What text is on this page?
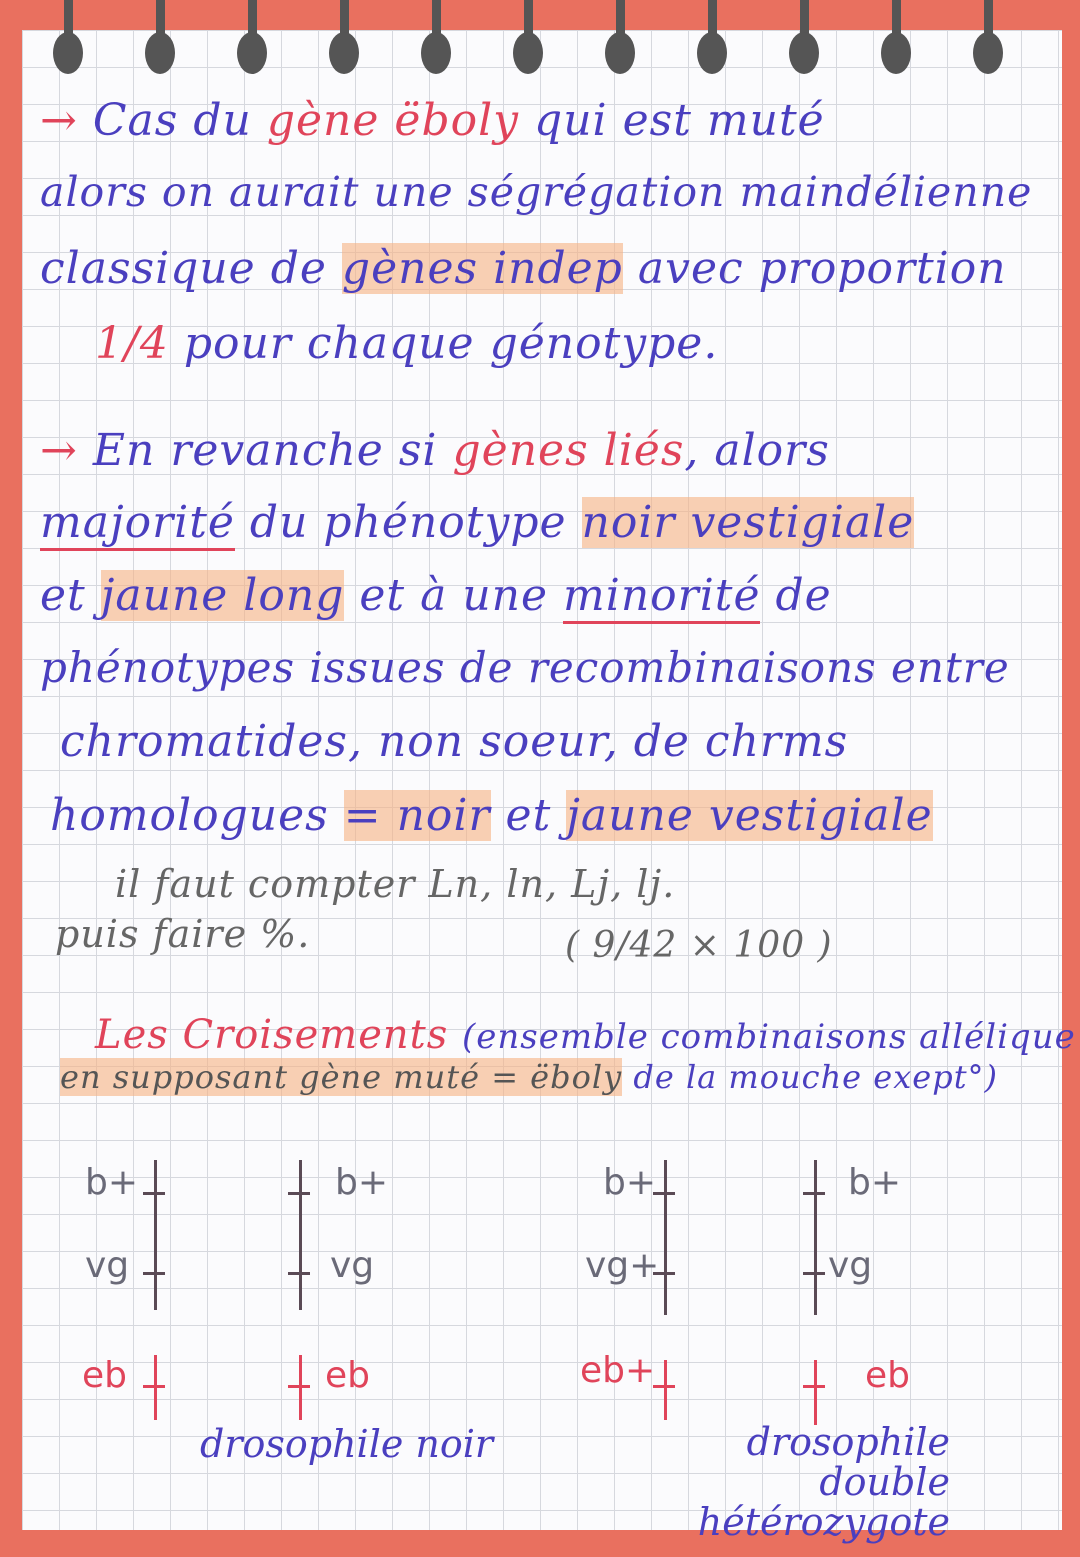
→ Cas du gène ëboly qui est muté
alors on aurait une ségrégation maindélienne
classique de gènes indep avec proportion
1/4 pour chaque génotype.
→ En revanche si gènes liés, alors
majorité du phénotype noir vestigiale
et jaune long et à une minorité de
phénotypes issues de recombinaisons entre
chromatides, non soeur, de chrms
homologues = noir et jaune vestigiale
il faut compter Ln, ln, Lj, lj.
puis faire %.	( 9/42 × 100 )
Les Croisements (ensemble combinaisons allélique
en supposant gène muté = ëboly de la mouche exept°)
b+
vg
eb
b+
vg
eb
b+
vg+
eb+
b+
vg
eb
drosophile noir	drosophile double hétérozygote
